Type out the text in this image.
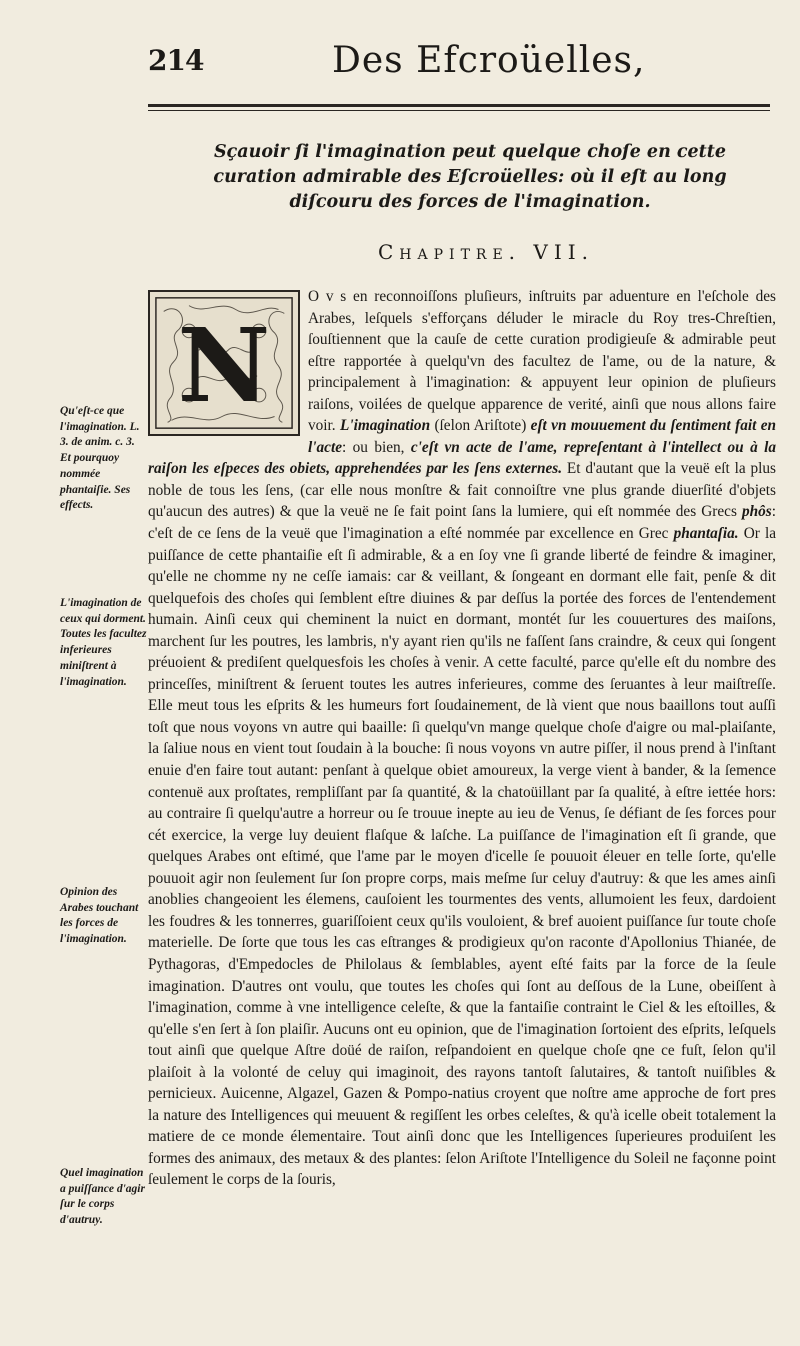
214	Des Efcroüelles,
Sçauoir ſi l'imagination peut quelque choſe en cette curation admirable des Eſcroüelles: où il eſt au long diſcouru des forces de l'imagination.
Chapitre. VII.
N

O v s en reconnoiſſons pluſieurs, inſtruits par aduenture en l'eſchole des Arabes, leſquels s'efforçans déluder le miracle du Roy tres-Chreſtien, ſouſtiennent que la cauſe de cette curation prodigieuſe & admirable peut eſtre rapportée à quelqu'vn des facultez de l'ame, ou de la nature, & principalement à l'imagination: & appuyent leur opinion de pluſieurs raiſons, voilées de quelque apparence de verité, ainſi que nous allons faire voir. L'imagination (ſelon Ariſtote) eſt vn mouuement du ſentiment fait en l'acte: ou bien, c'eſt vn acte de l'ame, repreſentant à l'intellect ou à la raiſon les eſpeces des obiets, apprehendées par les ſens externes. Et d'autant que la veuë eſt la plus noble de tous les ſens, (car elle nous monſtre & fait connoiſtre vne plus grande diuerſité d'objets qu'aucun des autres) & que la veuë ne ſe fait point ſans la lumiere, qui eſt nommée des Grecs phôs: c'eſt de ce ſens de la veuë que l'imagination a eſté nommée par excellence en Grec phantaſia. Or la puiſſance de cette phantaiſie eſt ſi admirable, & a en ſoy vne ſi grande liberté de feindre & imaginer, qu'elle ne chomme ny ne ceſſe iamais: car & veillant, & ſongeant en dormant elle fait, penſe & dit quelquefois des choſes qui ſemblent eſtre diuines & par deſſus la portée des forces de l'entendement humain. Ainſi ceux qui cheminent la nuict en dormant, montét ſur les couuertures des maiſons, marchent ſur les poutres, les lambris, n'y ayant rien qu'ils ne faſſent ſans craindre, & ceux qui ſongent préuoient & prediſent quelquesfois les choſes à venir. A cette faculté, parce qu'elle eſt du nombre des princeſſes, miniſtrent & ſeruent toutes les autres inferieures, comme des ſeruantes à leur maiſtreſſe. Elle meut tous les eſprits & les humeurs fort ſoudainement, de là vient que nous baaillons tout auſſi toſt que nous voyons vn autre qui baaille: ſi quelqu'vn mange quelque choſe d'aigre ou mal-plaiſante, la ſaliue nous en vient tout ſoudain à la bouche: ſi nous voyons vn autre piſſer, il nous prend à l'inſtant enuie d'en faire tout autant: penſant à quelque obiet amoureux, la verge vient à bander, & la ſemence contenuë aux proſtates, rempliſſant par ſa quantité, & la chatoüillant par ſa qualité, à eſtre iettée hors: au contraire ſi quelqu'autre a horreur ou ſe trouue inepte au ieu de Venus, ſe défiant de ſes forces pour cét exercice, la verge luy deuient flaſque & laſche. La puiſſance de l'imagination eſt ſi grande, que quelques Arabes ont eſtimé, que l'ame par le moyen d'icelle ſe pouuoit éleuer en telle ſorte, qu'elle pouuoit agir non ſeulement ſur ſon propre corps, mais meſme ſur celuy d'autruy: & que les ames ainſi anoblies changeoient les élemens, cauſoient les tourmentes des vents, allumoient les feux, dardoient les foudres & les tonnerres, guariſſoient ceux qu'ils vouloient, & bref auoient puiſſance ſur toute choſe materielle. De ſorte que tous les cas eſtranges & prodigieux qu'on raconte d'Apollonius Thianée, de Pythagoras, d'Empedocles de Philolaus & ſemblables, ayent eſté faits par la force de la ſeule imagination. D'autres ont voulu, que toutes les choſes qui ſont au deſſous de la Lune, obeiſſent à l'imagination, comme à vne intelligence celeſte, & que la fantaiſie contraint le Ciel & les eſtoilles, & qu'elle s'en ſert à ſon plaiſir. Aucuns ont eu opinion, que de l'imagination ſortoient des eſprits, leſquels tout ainſi que quelque Aſtre doüé de raiſon, reſpandoient en quelque choſe qne ce fuſt, ſelon qu'il plaiſoit à la volonté de celuy qui imaginoit, des rayons tantoſt ſalutaires, & tantoſt nuiſibles & pernicieux. Auicenne, Algazel, Gazen & Pompo-natius croyent que noſtre ame approche de fort pres la nature des Intelligences qui meuuent & regiſſent les orbes celeſtes, & qu'à icelle obeit totalement la matiere de ce monde élementaire. Tout ainſi donc que les Intelligences ſuperieures produiſent les formes des animaux, des metaux & des plantes: ſelon Ariſtote l'Intelligence du Soleil ne façonne point ſeulement le corps de la ſouris,

Qu'eſt-ce que l'imagination. L. 3. de anim. c. 3. Et pourquoy nommée phantaiſie. Ses effects.
L'imagination de ceux qui dorment. Toutes les facultez inferieures miniſtrent à l'imagination.
Opinion des Arabes touchant les forces de l'imagination.
Quel imagination a puiſſance d'agir ſur le corps d'autruy.
